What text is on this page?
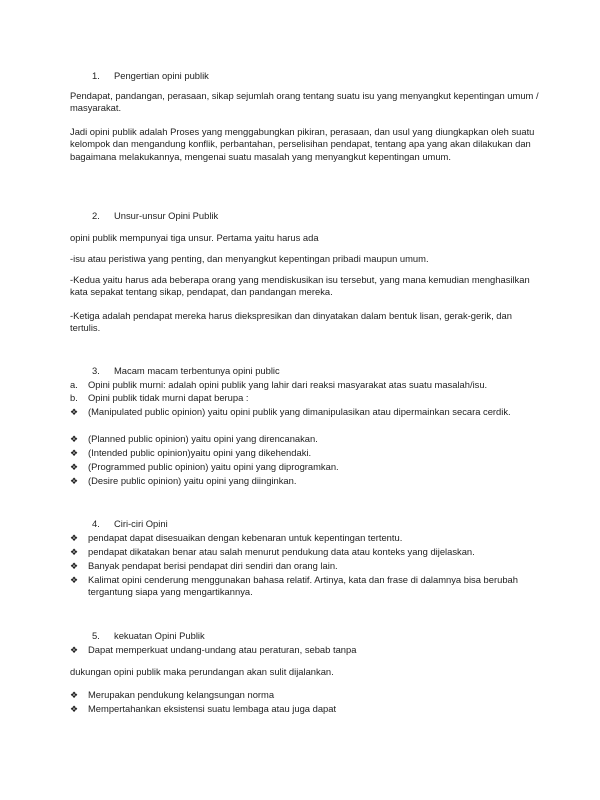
1.	Pengertian opini publik

Pendapat, pandangan, perasaan, sikap sejumlah orang tentang suatu isu yang menyangkut kepentingan umum / masyarakat.

Jadi opini publik adalah Proses yang menggabungkan pikiran, perasaan, dan usul yang diungkapkan oleh suatu kelompok dan mengandung konflik, perbantahan, perselisihan pendapat, tentang apa yang akan dilakukan dan bagaimana melakukannya, mengenai suatu masalah yang menyangkut kepentingan umum.

2.	Unsur-unsur Opini Publik

opini publik mempunyai tiga unsur. Pertama yaitu harus ada

-isu atau peristiwa yang penting, dan menyangkut kepentingan pribadi maupun umum.

-Kedua yaitu harus ada beberapa orang yang mendiskusikan isu tersebut, yang mana kemudian menghasilkan kata sepakat tentang sikap, pendapat, dan pandangan mereka.

-Ketiga adalah pendapat mereka harus diekspresikan dan dinyatakan dalam bentuk lisan, gerak-gerik, dan tertulis.

3.	Macam macam terbentunya opini public
a.	Opini publik murni: adalah opini publik yang lahir dari reaksi masyarakat atas suatu masalah/isu.
b.	Opini publik tidak murni dapat berupa :
❖	(Manipulated public opinion) yaitu opini publik yang dimanipulasikan atau dipermainkan secara cerdik.
❖	(Planned public opinion) yaitu opini yang direncanakan.
❖	(Intended public opinion)yaitu opini yang dikehendaki.
❖	(Programmed public opinion) yaitu opini yang diprogramkan.
❖	(Desire public opinion) yaitu opini yang diinginkan.
4.	Ciri-ciri Opini
❖	pendapat dapat disesuaikan dengan kebenaran untuk kepentingan tertentu.
❖	pendapat dikatakan benar atau salah menurut pendukung data atau konteks yang dijelaskan.
❖	Banyak pendapat berisi pendapat diri sendiri dan orang lain.
❖	Kalimat opini cenderung menggunakan bahasa relatif. Artinya, kata dan frase di dalamnya bisa berubah tergantung siapa yang mengartikannya.
5.	kekuatan Opini Publik
❖	Dapat memperkuat undang-undang atau peraturan, sebab tanpa

dukungan opini publik maka perundangan akan sulit dijalankan.

❖	Merupakan pendukung kelangsungan norma
❖	Mempertahankan eksistensi suatu lembaga atau juga dapat
